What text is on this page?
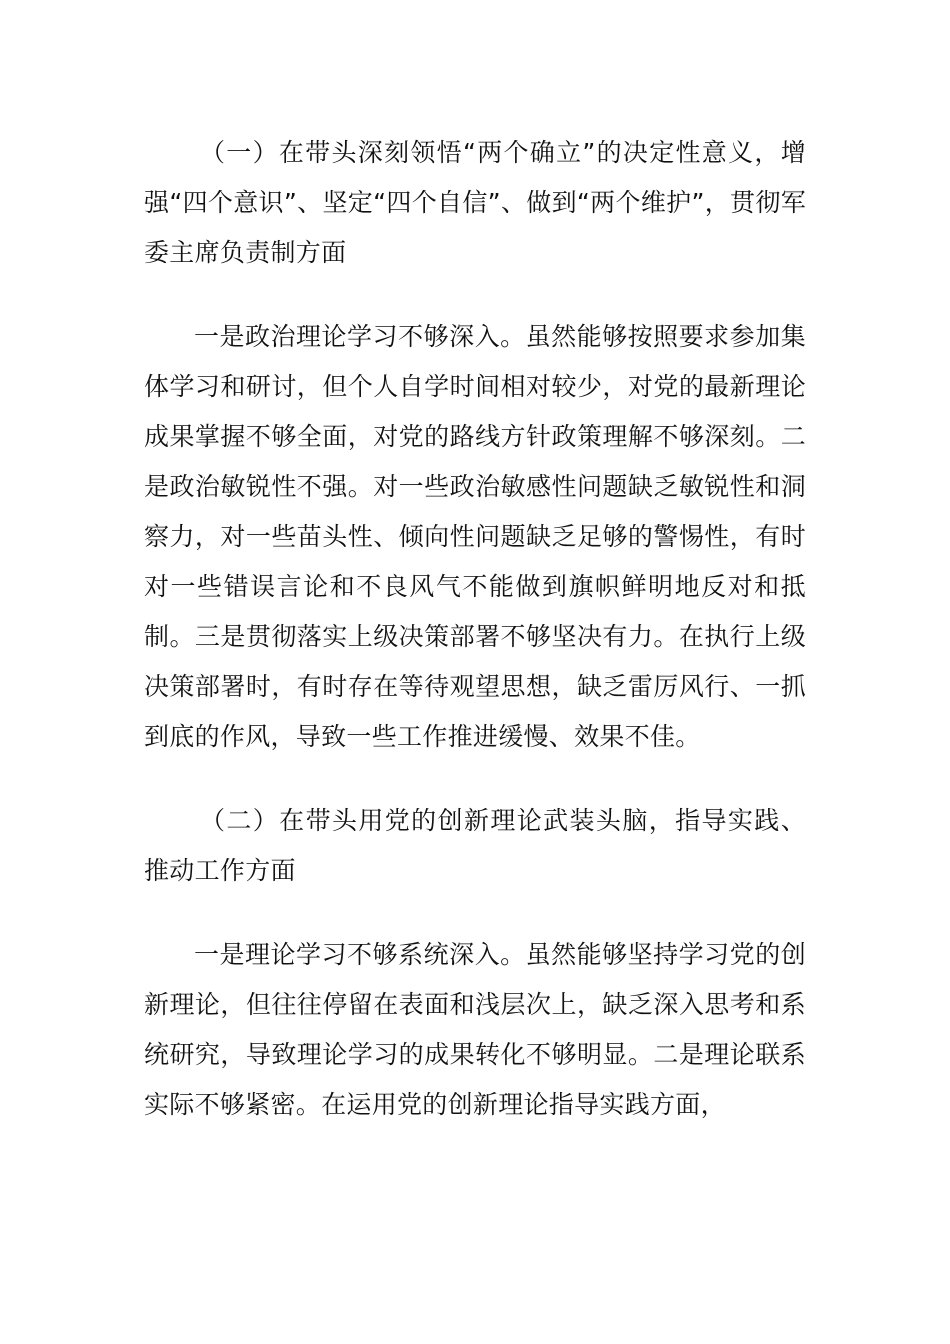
（一）在带头深刻领悟“两个确立”的决定性意义，增强“四个意识”、坚定“四个自信”、做到“两个维护”，贯彻军委主席负责制方面

一是政治理论学习不够深入。虽然能够按照要求参加集体学习和研讨，但个人自学时间相对较少，对党的最新理论成果掌握不够全面，对党的路线方针政策理解不够深刻。二是政治敏锐性不强。对一些政治敏感性问题缺乏敏锐性和洞察力，对一些苗头性、倾向性问题缺乏足够的警惕性，有时对一些错误言论和不良风气不能做到旗帜鲜明地反对和抵制。三是贯彻落实上级决策部署不够坚决有力。在执行上级决策部署时，有时存在等待观望思想，缺乏雷厉风行、一抓到底的作风，导致一些工作推进缓慢、效果不佳。

（二）在带头用党的创新理论武装头脑，指导实践、推动工作方面

一是理论学习不够系统深入。虽然能够坚持学习党的创新理论，但往往停留在表面和浅层次上，缺乏深入思考和系统研究，导致理论学习的成果转化不够明显。二是理论联系实际不够紧密。在运用党的创新理论指导实践方面，
